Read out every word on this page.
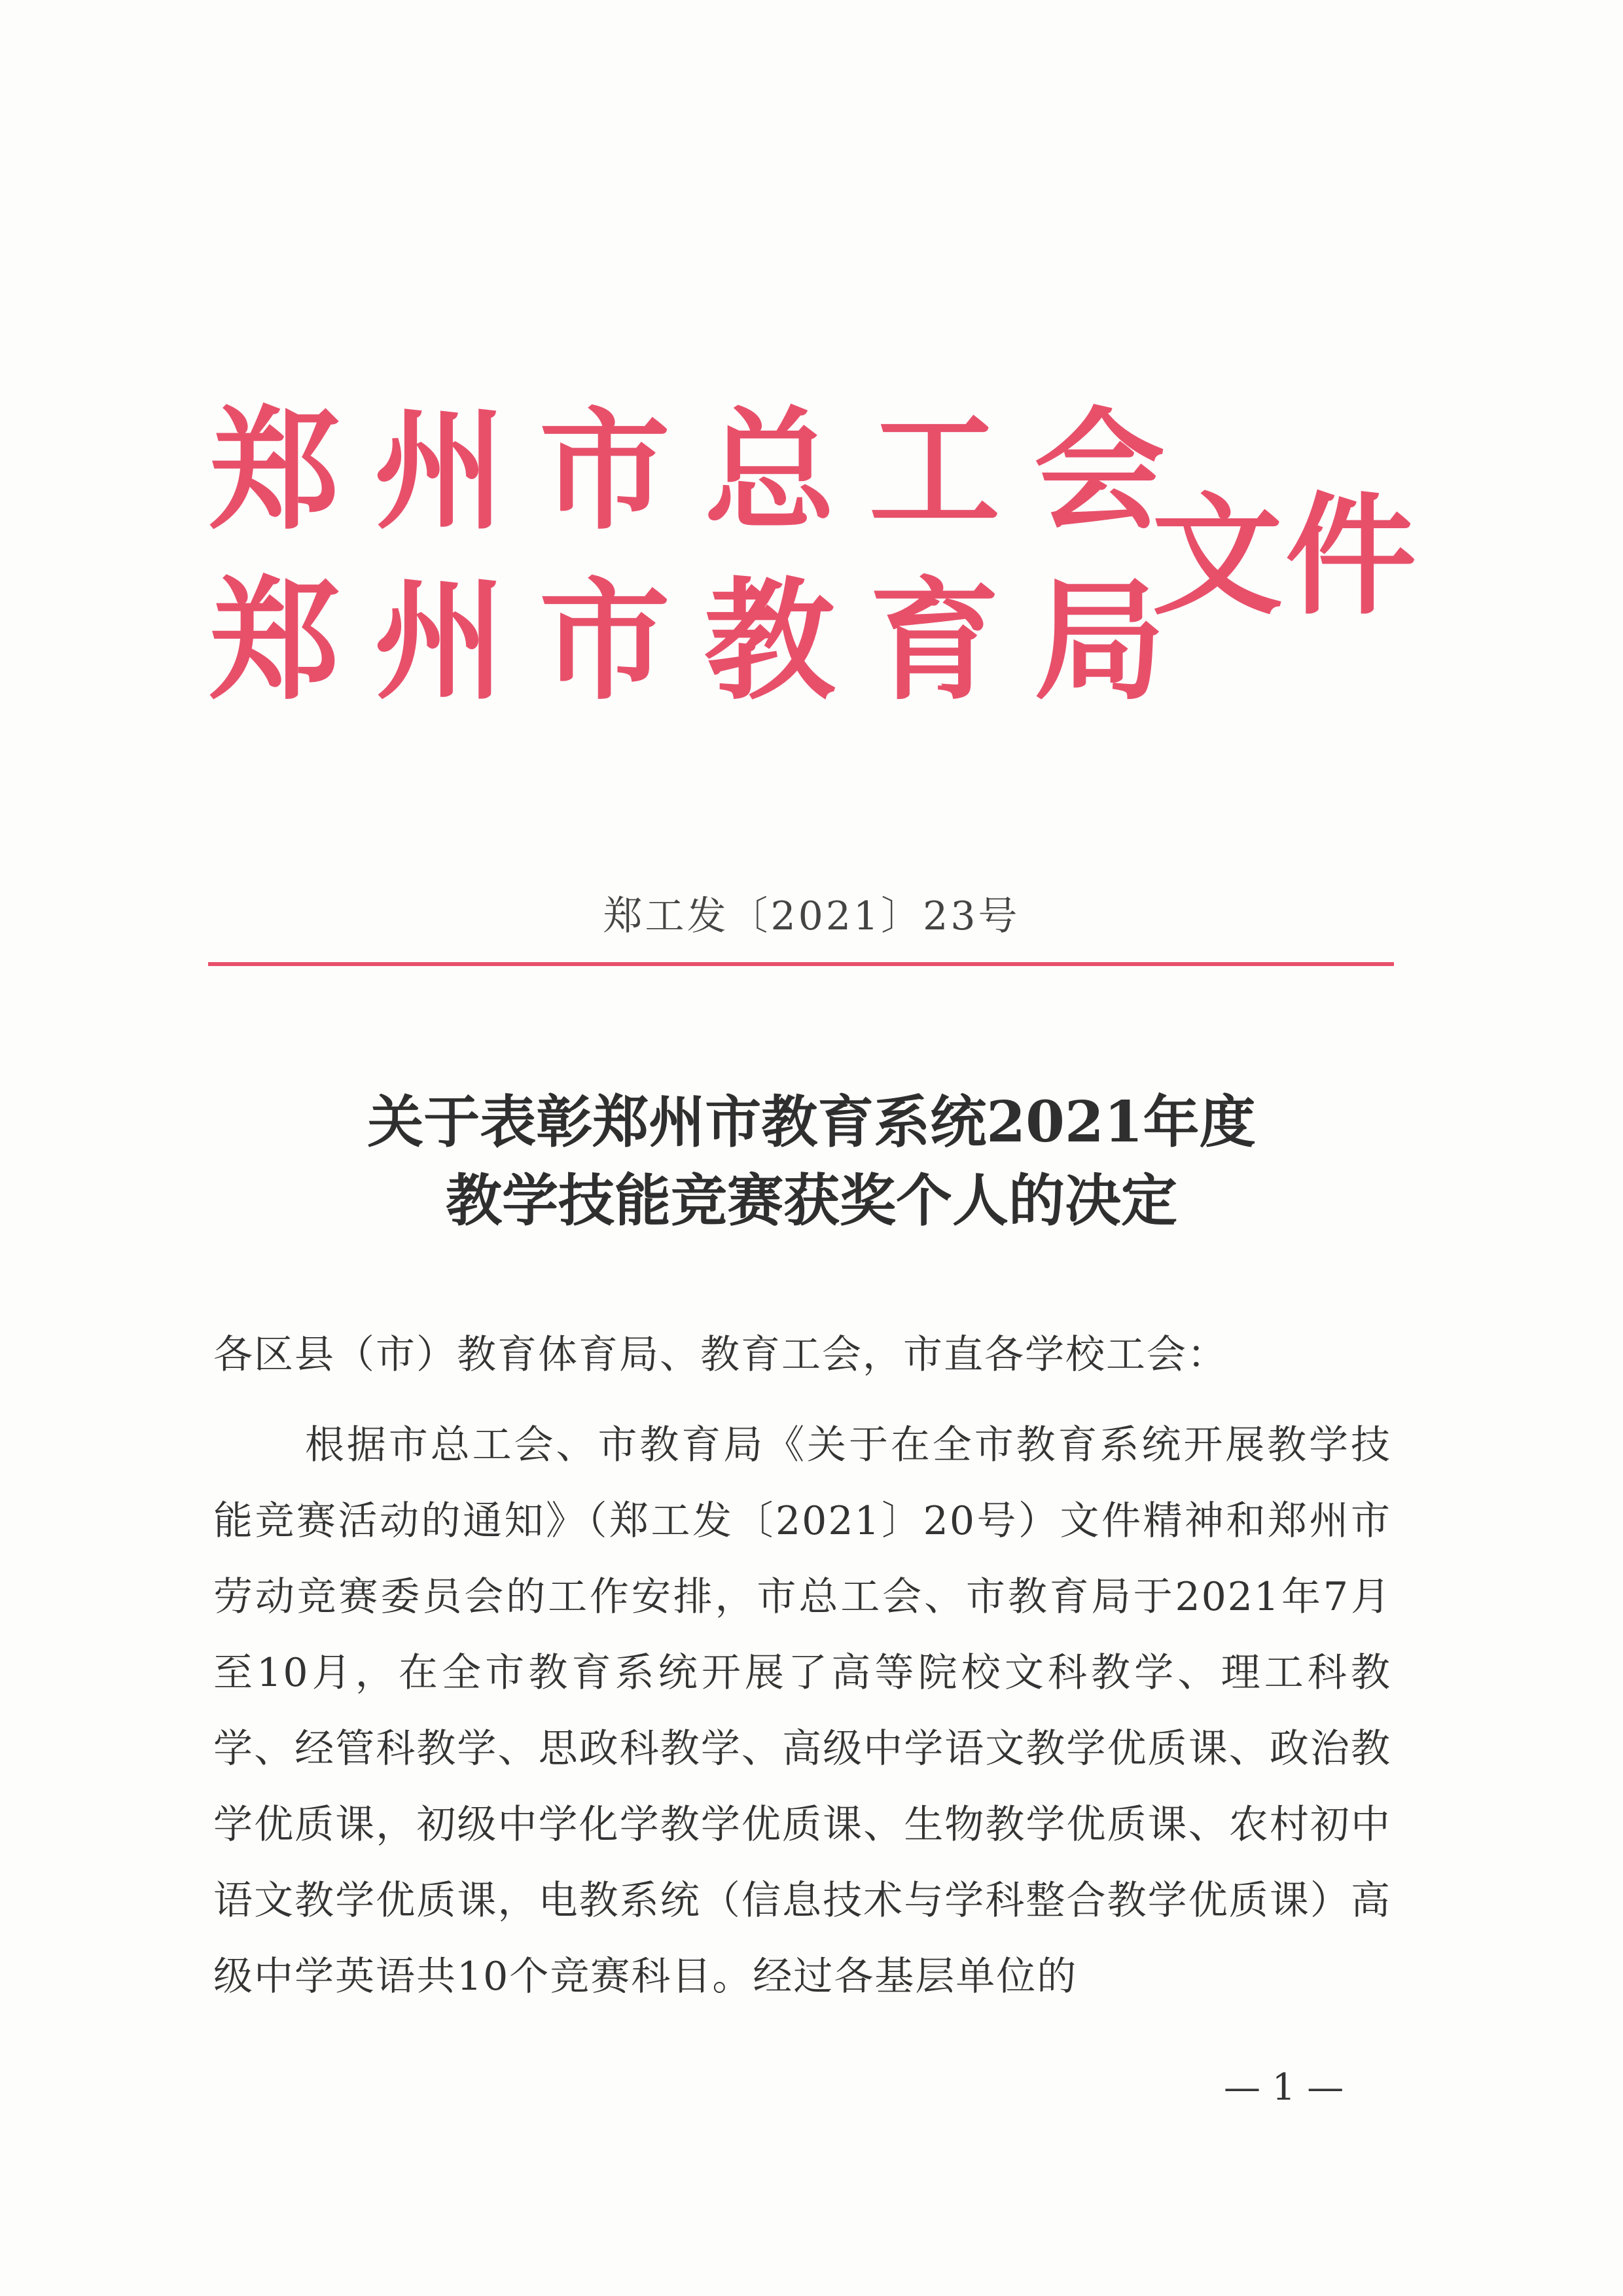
郑州市总工会
郑州市教育局
文件
郑工发〔2021〕23号
关于表彰郑州市教育系统2021年度
教学技能竞赛获奖个人的决定
各区县（市）教育体育局、教育工会，市直各学校工会：
根据市总工会、市教育局《关于在全市教育系统开展教学技能竞赛活动的通知》（郑工发〔2021〕20号）文件精神和郑州市劳动竞赛委员会的工作安排，市总工会、市教育局于2021年7月至10月，在全市教育系统开展了高等院校文科教学、理工科教学、经管科教学、思政科教学、高级中学语文教学优质课、政治教学优质课，初级中学化学教学优质课、生物教学优质课、农村初中语文教学优质课，电教系统（信息技术与学科整合教学优质课）高级中学英语共10个竞赛科目。经过各基层单位的
— 1 —
